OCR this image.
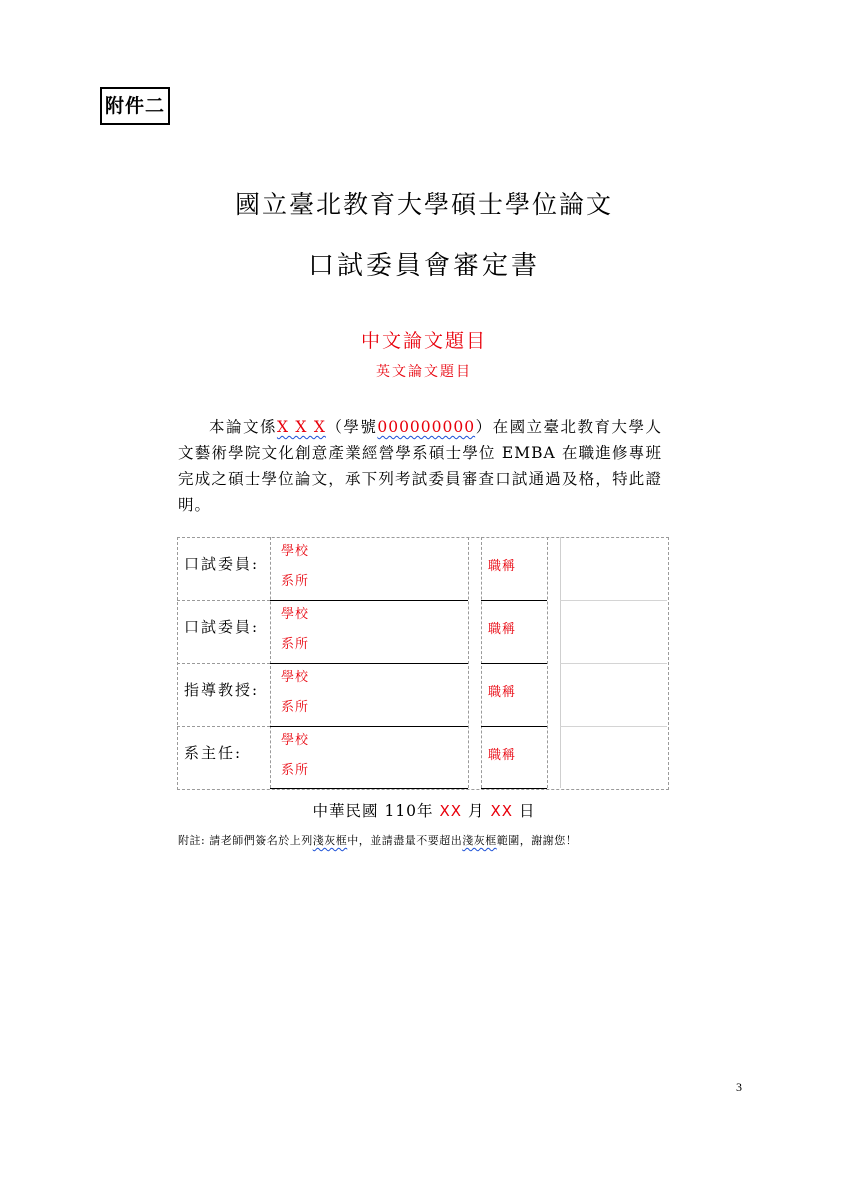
附件二
國立臺北教育大學碩士學位論文
口試委員會審定書
中文論文題目
英文論文題目
本論文係X X X（學號000000000）在國立臺北教育大學人文藝術學院文化創意產業經營學系碩士學位 EMBA 在職進修專班完成之碩士學位論文，承下列考試委員審查口試通過及格，特此證明。
口試委員:
學校
系所
職稱
口試委員:
學校
系所
職稱
指導教授:
學校
系所
職稱
系主任:
學校
系所
職稱
中華民國 110年 XX 月 XX 日
附註: 請老師們簽名於上列淺灰框中，並請盡量不要超出淺灰框範圍，謝謝您！
3
